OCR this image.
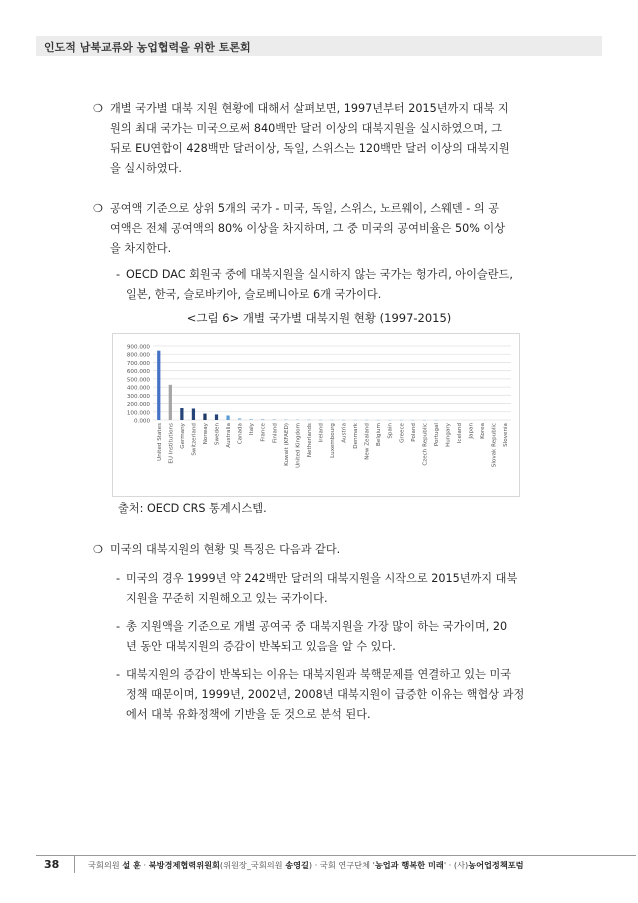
인도적 남북교류와 농업협력을 위한 토론회
❍ 개별 국가별 대북 지원 현황에 대해서 살펴보면, 1997년부터 2015년까지 대북 지
원의 최대 국가는 미국으로써 840백만 달러 이상의 대북지원을 실시하였으며, 그
뒤로 EU연합이 428백만 달러이상, 독일, 스위스는 120백만 달러 이상의 대북지원
을 실시하였다.
❍ 공여액 기준으로 상위 5개의 국가 - 미국, 독일, 스위스, 노르웨이, 스웨덴 - 의 공
여액은 전체 공여액의 80% 이상을 차지하며, 그 중 미국의 공여비율은 50% 이상
을 차지한다.
- OECD DAC 회원국 중에 대북지원을 실시하지 않는 국가는 헝가리, 아이슬란드,
일본, 한국, 슬로바키아, 슬로베니아로 6개 국가이다.
<그림 6> 개별 국가별 대북지원 현황 (1997-2015)
900.000
800.000
700.000
600.000
500.000
400.000
300.000
200.000
100.000
0.000
United States EU Institutions Germany Switzerland Norway Sweden Australia Canada Italy France Finland Kuwait (KFAED) United Kingdom Netherlands Ireland Luxembourg Austria Denmark New Zealand Belgium Spain Greece Poland Czech Republic Portugal Hungary Iceland Japan Korea Slovak Republic Slovenia
출처: OECD CRS 통계시스템.
❍ 미국의 대북지원의 현황 및 특징은 다음과 같다.
- 미국의 경우 1999년 약 242백만 달러의 대북지원을 시작으로 2015년까지 대북
지원을 꾸준히 지원해오고 있는 국가이다.
- 총 지원액을 기준으로 개별 공여국 중 대북지원을 가장 많이 하는 국가이며, 20
년 동안 대북지원의 증감이 반복되고 있음을 알 수 있다.
- 대북지원의 증감이 반복되는 이유는 대북지원과 북핵문제를 연결하고 있는 미국
정책 때문이며, 1999년, 2002년, 2008년 대북지원이 급증한 이유는 핵협상 과정
에서 대북 유화정책에 기반을 둔 것으로 분석 된다.
38	국회의원 설 훈 · 북방경제협력위원회(위원장_국회의원 송영길) · 국회 연구단체 '농업과 행복한 미래' · (사)농어업정책포럼
